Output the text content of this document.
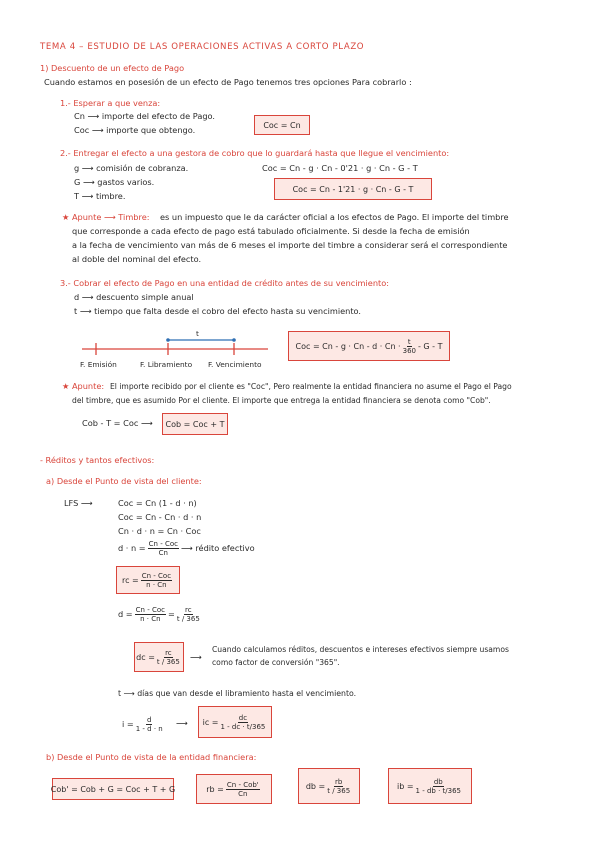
TEMA 4 – ESTUDIO DE LAS OPERACIONES ACTIVAS A CORTO PLAZO
1) Descuento de un efecto de Pago
Cuando estamos en posesión de un efecto de Pago tenemos tres opciones Para cobrarlo :
1.- Esperar a que venza:
Cn ⟶ importe del efecto de Pago.
Coc ⟶ importe que obtengo.	Coc = Cn
2.- Entregar el efecto a una gestora de cobro que lo guardará hasta que llegue el vencimiento:
g ⟶ comisión de cobranza.
G ⟶ gastos varios.
T ⟶ timbre.
Coc = Cn - g · Cn - 0'21 · g · Cn - G - T
Coc = Cn - 1'21 · g · Cn - G - T
★ Apunte ⟶ Timbre: es un impuesto que le da carácter oficial a los efectos de Pago. El importe del timbre
que corresponde a cada efecto de pago está tabulado oficialmente. Si desde la fecha de emisión
a la fecha de vencimiento van más de 6 meses el importe del timbre a considerar será el correspondiente
al doble del nominal del efecto.
3.- Cobrar el efecto de Pago en una entidad de crédito antes de su vencimiento:
d ⟶ descuento simple anual
t ⟶ tiempo que falta desde el cobro del efecto hasta su vencimiento.
t
F. Emisión	F. Libramiento F. Vencimiento
Coc = $Cn - g \cdot Cn - d \cdot Cn \cdot \frac{t}{360} - G - T$
★ Apunte: El importe recibido por el cliente es "Coc", Pero realmente la entidad financiera no asume el Pago el Pago
del timbre, que es asumido Por el cliente. El importe que entrega la entidad financiera se denota como "Cob".
Cob - T = Coc ⟶	Cob = Coc + T
- Réditos y tantos efectivos:
a) Desde el Punto de vista del cliente:
LFS ⟶	Coc = Cn (1 - d · n)
Coc = Cn - Cn · d · n
Cn · d · n = Cn · Coc
$d \cdot n = \frac{\text{Cn - Coc}}{Cn}$ ⟶ rédito efectivo
rc = $\frac{\text{Cn - Coc}}{n \cdot Cn}$
$d = \frac{\text{Cn - Coc}}{n \cdot Cn} = \frac{rc}{t / 365}$
dc = $\frac{rc}{t / 365}$ ⟶
Cuando calculamos réditos, descuentos e intereses efectivos siempre usamos
como factor de conversión "365".
t ⟶ días que van desde el libramiento hasta el vencimiento.
$i = \frac{d}{1 - d \cdot n}$ ⟶ ic = $\frac{dc}{1 - dc \cdot t/365}$
b) Desde el Punto de vista de la entidad financiera:
Cob' = Cob + G = Coc + T + G	rb = $\frac{\text{Cn - Cob'}}{Cn}$	db = $\frac{rb}{t / 365}$	ib = $\frac{db}{1 - db \cdot t/365}$
